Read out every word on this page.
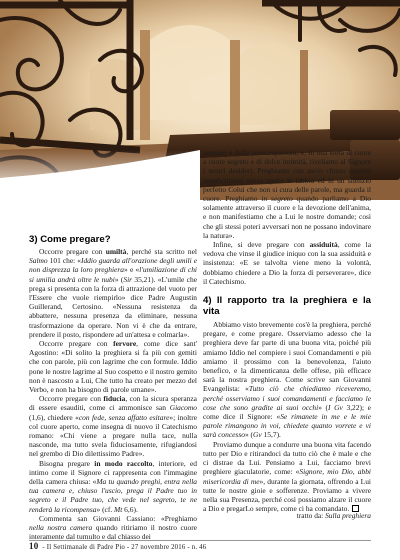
3) Come pregare?

Occorre pregare con umiltà, perché sta scritto nel Salmo 101 che: «Iddio guarda all'orazione degli umili e non disprezza la loro preghiera» e «l'umiliazione di chi si umilia andrà oltre le nubi» (Sir 35,21). «L'umile che prega si presenta con la forza di attrazione del vuoto per l'Essere che vuole riempirlo» dice Padre Augustin Guillerand, Certosino. «Nessuna resistenza da abbattere, nessuna presenza da eliminare, nessuna trasformazione da operare. Non vi è che da entrare, prendere il posto, rispondere ad un'attesa e colmarla».

Occorre pregare con fervore, come dice sant' Agostino: «Di solito la preghiera si fa più con gemiti che con parole, più con lagrime che con formule. Iddio pone le nostre lagrime al Suo cospetto e il nostro gemito non è nascosto a Lui, Che tutto ha creato per mezzo del Verbo, e non ha bisogno di parole umane».

Occorre pregare con fiducia, con la sicura speranza di essere esauditi, come ci ammonisce san Giacomo (1,6), chiedere «con fede, senza affatto esitare»; inoltre col cuore aperto, come insegna di nuovo il Catechismo romano: «Chi viene a pregare nulla tace, nulla nasconde, ma tutto svela fiduciosamente, rifugiandosi nel grembo di Dio dilettissimo Padre».

Bisogna pregare in modo raccolto, interiore, ed intimo come il Signore ci rappresenta con l'immagine della camera chiusa: «Ma tu quando preghi, entra nella tua camera e, chiuso l'uscio, prega il Padre tuo in segreto e il Padre tuo, che vede nel segreto, te ne renderà la ricompensa» (cf. Mt 6,6).

Commenta san Giovanni Cassiano: «Preghiamo nella nostra camera quando ritiriamo il nostro cuore interamente dal tumulto e dal chiasso dei

pensieri e delle preoccupazioni, e, in una sorta di cuore a cuore segreto e di dolce intimità, riveliamo al Signore i nostri desideri. Preghiamo con uscio chiuso quando supplichiamo senza aprire le labbra ed in un silenzio perfetto Colui che non si cura delle parole, ma guarda il cuore. Preghiamo in segreto quando parliamo a Dio solamente attraverso il cuore e la devozione dell'anima, e non manifestiamo che a Lui le nostre domande; così che gli stessi poteri avversari non ne possano indovinare la natura».

Infine, si deve pregare con assiduità, come la vedova che vinse il giudice iniquo con la sua assiduità e insistenza: «E se talvolta viene meno la volontà, dobbiamo chiedere a Dio la forza di perseverare», dice il Catechismo.

4) Il rapporto tra la preghiera e la vita

Abbiamo visto brevemente cos'è la preghiera, perché pregare, e come pregare. Osserviamo adesso che la preghiera deve far parte di una buona vita, poiché più amiamo Iddio nel compiere i suoi Comandamenti e più amiamo il prossimo con la benevolenza, l'aiuto benefico, e la dimenticanza delle offese, più efficace sarà la nostra preghiera. Come scrive san Giovanni Evangelista: «Tutto ciò che chiediamo riceveremo, perché osserviamo i suoi comandamenti e facciamo le cose che sono gradite ai suoi occhi» (I Gv 3,22); e come dice il Signore: «Se rimanete in me e le mie parole rimangono in voi, chiedete quanto vorrete e vi sarà concesso» (Gv 15,7).

Proviamo dunque a condurre una buona vita facendo tutto per Dio e ritirandoci da tutto ciò che è male e che ci distrae da Lui. Pensiamo a Lui, facciamo brevi preghiere giaculatorie, come: «Signore, mio Dio, abbi misericordia di me», durante la giornata, offrendo a Lui tutte le nostre gioie e sofferenze. Proviamo a vivere nella sua Presenza, perché così possiamo alzare il cuore a Dio e pregarLo sempre, come ci ha comandato.

tratto da: Sulla preghiera
10 - Il Settimanale di Padre Pio - 27 novembre 2016 - n. 46
